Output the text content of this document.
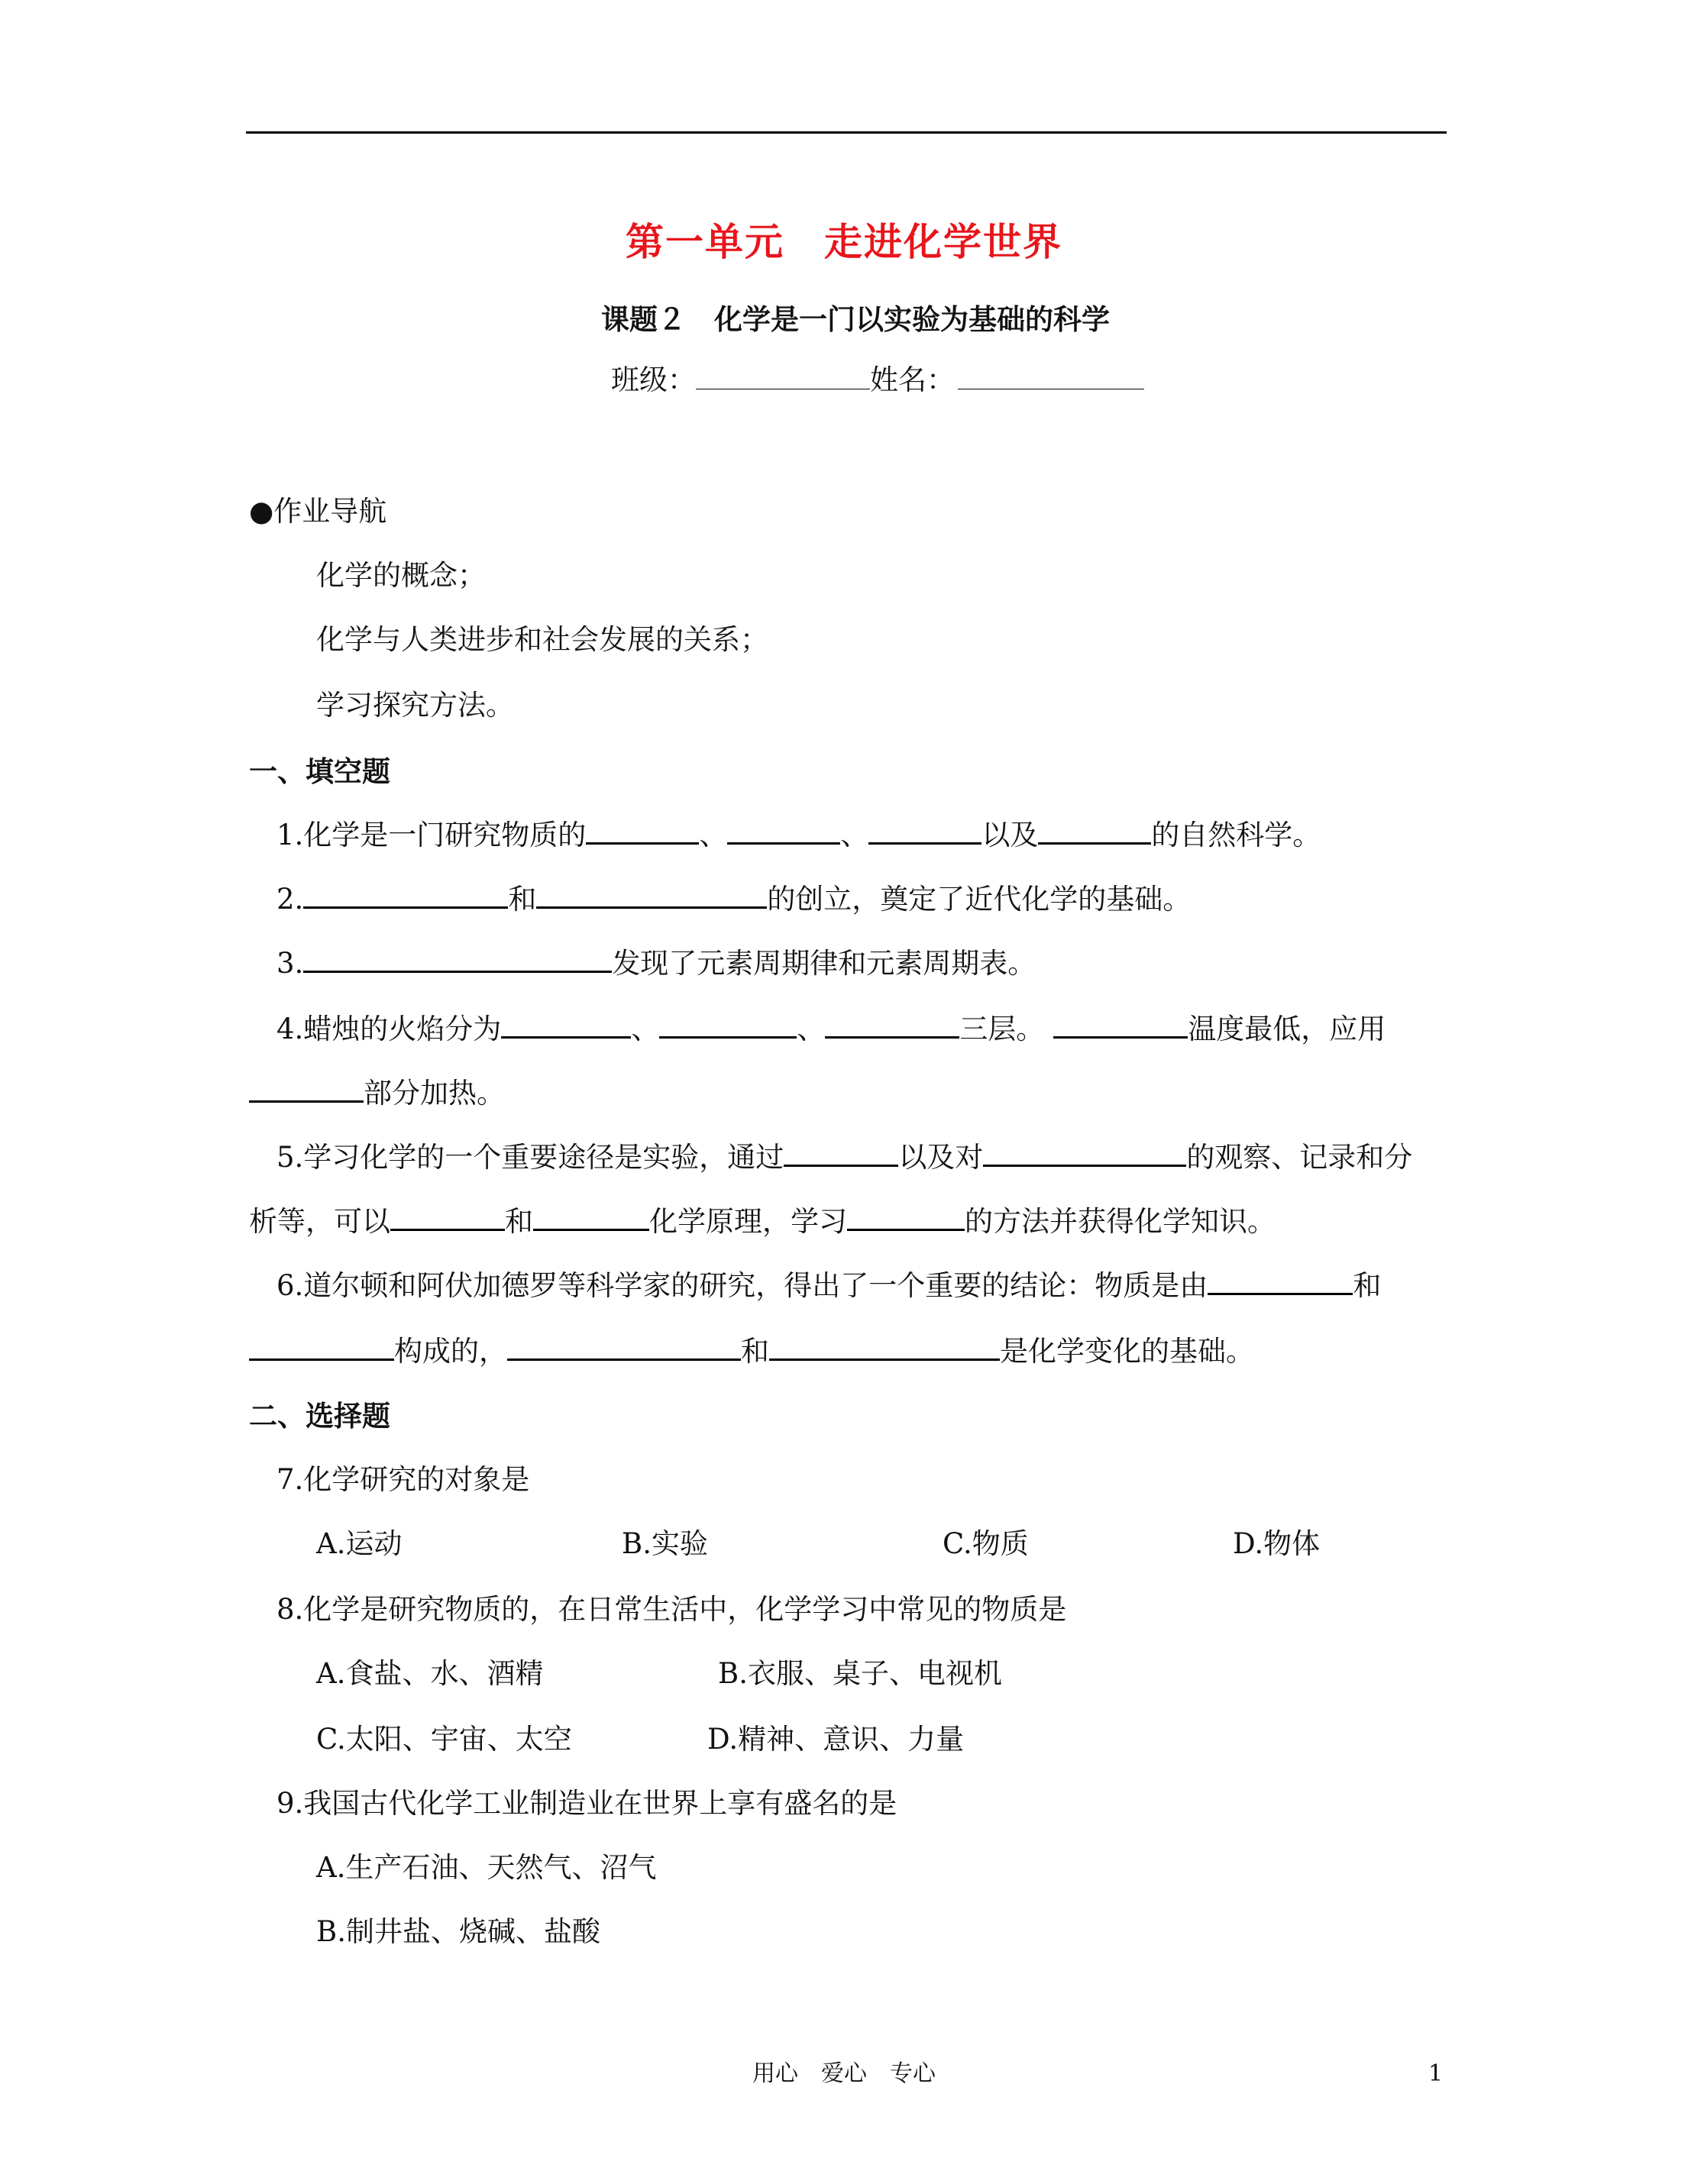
第一单元　走进化学世界
课题２　化学是一门以实验为基础的科学
班级：	姓名：
●作业导航
化学的概念；
化学与人类进步和社会发展的关系；
学习探究方法。
一、填空题
1.化学是一门研究物质的	、	、	以及	的自然科学。
2.	和	的创立，奠定了近代化学的基础。
3.	发现了元素周期律和元素周期表。
4.蜡烛的火焰分为	、	、	三层。	温度最低，应用
部分加热。
5.学习化学的一个重要途径是实验，通过	以及对	的观察、记录和分
析等，可以	和	化学原理，学习	的方法并获得化学知识。
6.道尔顿和阿伏加德罗等科学家的研究，得出了一个重要的结论：物质是由	和
构成的，	和	是化学变化的基础。
二、选择题
7.化学研究的对象是
A.运动	B.实验	C.物质	D.物体
8.化学是研究物质的，在日常生活中，化学学习中常见的物质是
A.食盐、水、酒精	B.衣服、桌子、电视机
C.太阳、宇宙、太空	D.精神、意识、力量
9.我国古代化学工业制造业在世界上享有盛名的是
A.生产石油、天然气、沼气
B.制井盐、烧碱、盐酸
用心　爱心　专心	1
